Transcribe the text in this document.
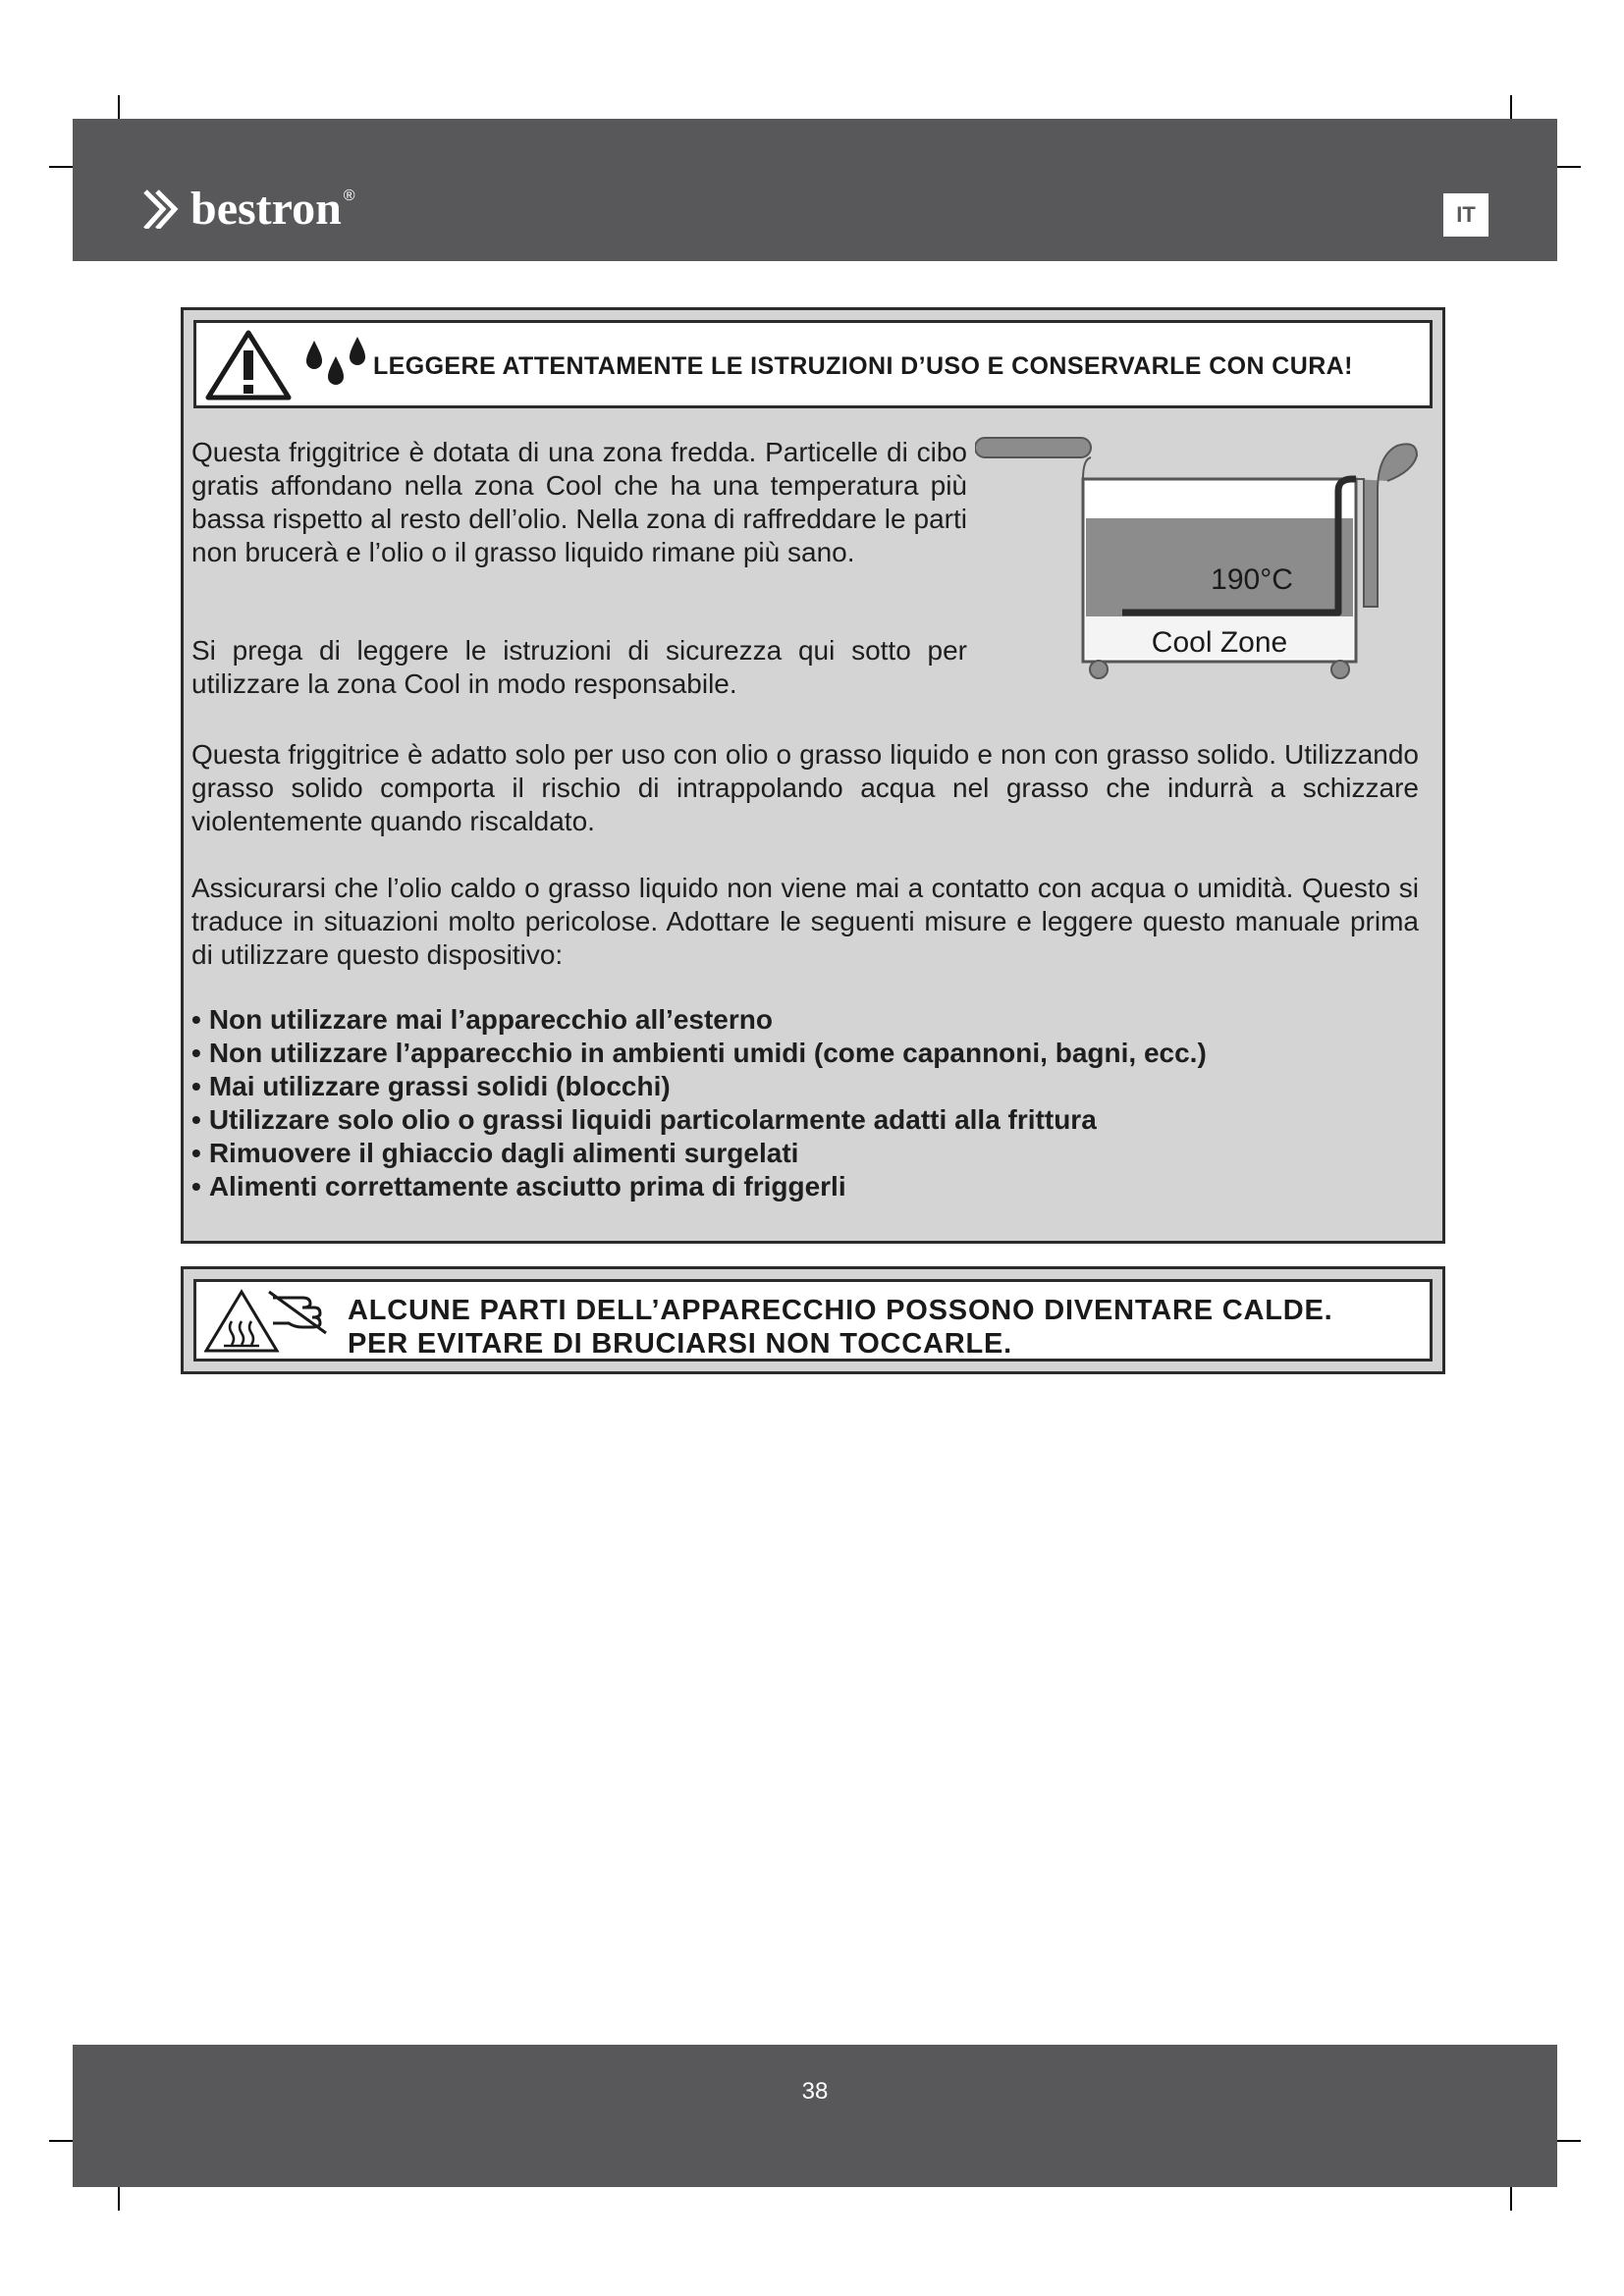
bestron ®
IT
LEGGERE ATTENTAMENTE LE ISTRUZIONI D’USO E CONSERVARLE CON CURA!

Questa friggitrice è dotata di una zona fredda. Particelle di cibo gratis affondano nella zona Cool che ha una temperatura più bassa rispetto al resto dell’olio. Nella zona di raffreddare le parti non brucerà e l’olio o il grasso liquido rimane più sano.

Si prega di leggere le istruzioni di sicurezza qui sotto per utilizzare la zona Cool in modo responsabile.

190°C
Cool Zone

Questa friggitrice è adatto solo per uso con olio o grasso liquido e non con grasso solido. Utilizzando grasso solido comporta il rischio di intrappolando acqua nel grasso che indurrà a schizzare violentemente quando riscaldato.

Assicurarsi che l’olio caldo o grasso liquido non viene mai a contatto con acqua o umidità. Questo si traduce in situazioni molto pericolose. Adottare le seguenti misure e leggere questo manuale prima di utilizzare questo dispositivo:

• Non utilizzare mai l’apparecchio all’esterno
• Non utilizzare l’apparecchio in ambienti umidi (come capannoni, bagni, ecc.)
• Mai utilizzare grassi solidi (blocchi)
• Utilizzare solo olio o grassi liquidi particolarmente adatti alla frittura
• Rimuovere il ghiaccio dagli alimenti surgelati
• Alimenti correttamente asciutto prima di friggerli
ALCUNE PARTI DELL’APPARECCHIO POSSONO DIVENTARE CALDE.
PER EVITARE DI BRUCIARSI NON TOCCARLE.
38
